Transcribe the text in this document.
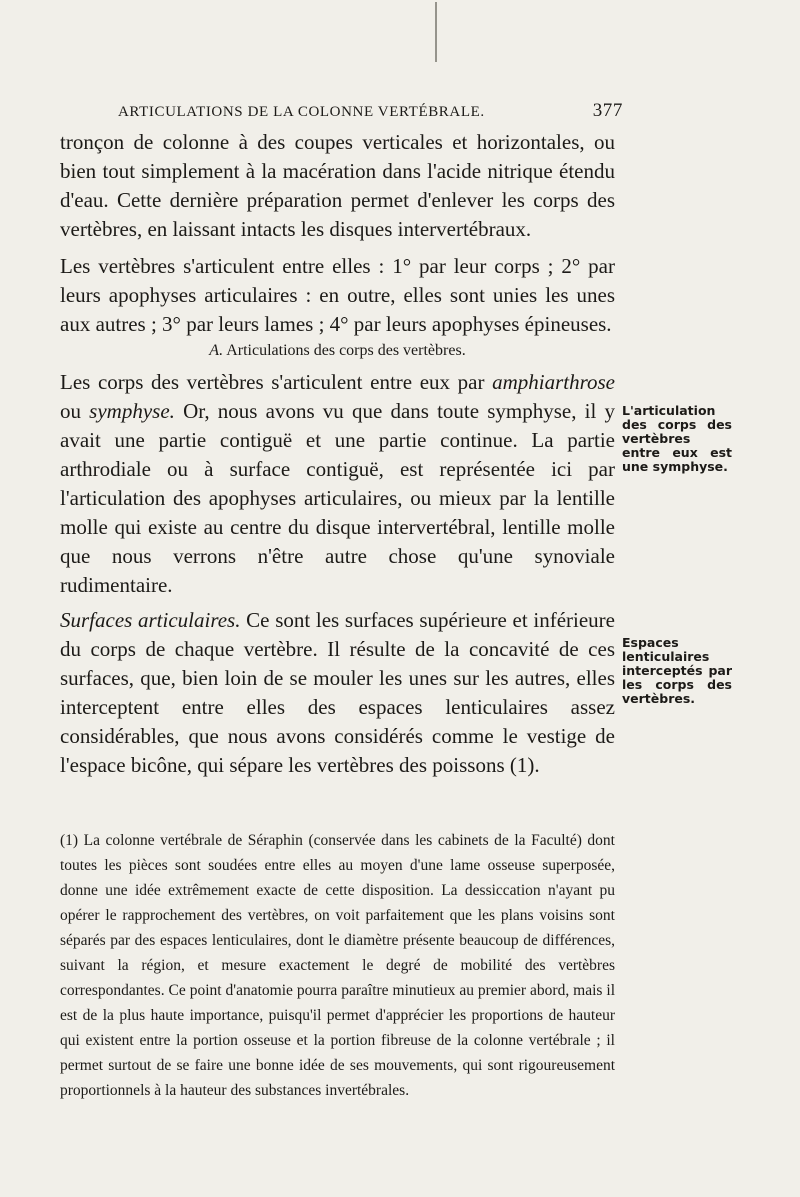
ARTICULATIONS DE LA COLONNE VERTÉBRALE.	377

tronçon de colonne à des coupes verticales et horizontales, ou bien tout simplement à la macération dans l'acide nitrique étendu d'eau. Cette dernière préparation permet d'enlever les corps des vertèbres, en laissant intacts les disques intervertébraux.

Les vertèbres s'articulent entre elles : 1° par leur corps ; 2° par leurs apophyses articulaires : en outre, elles sont unies les unes aux autres ; 3° par leurs lames ; 4° par leurs apophyses épineuses.

A. Articulations des corps des vertèbres.

Les corps des vertèbres s'articulent entre eux par amphiarthrose ou symphyse. Or, nous avons vu que dans toute symphyse, il y avait une partie contiguë et une partie continue. La partie arthrodiale ou à surface contiguë, est représentée ici par l'articulation des apophyses articulaires, ou mieux par la lentille molle qui existe au centre du disque intervertébral, lentille molle que nous verrons n'être autre chose qu'une synoviale rudimentaire.

Surfaces articulaires. Ce sont les surfaces supérieure et inférieure du corps de chaque vertèbre. Il résulte de la concavité de ces surfaces, que, bien loin de se mouler les unes sur les autres, elles interceptent entre elles des espaces lenticulaires assez considérables, que nous avons considérés comme le vestige de l'espace bicône, qui sépare les vertèbres des poissons (1).

(1) La colonne vertébrale de Séraphin (conservée dans les cabinets de la Faculté) dont toutes les pièces sont soudées entre elles au moyen d'une lame osseuse superposée, donne une idée extrêmement exacte de cette disposition. La dessiccation n'ayant pu opérer le rapprochement des vertèbres, on voit parfaitement que les plans voisins sont séparés par des espaces lenticulaires, dont le diamètre présente beaucoup de différences, suivant la région, et mesure exactement le degré de mobilité des vertèbres correspondantes. Ce point d'anatomie pourra paraître minutieux au premier abord, mais il est de la plus haute importance, puisqu'il permet d'apprécier les proportions de hauteur qui existent entre la portion osseuse et la portion fibreuse de la colonne vertébrale ; il permet surtout de se faire une bonne idée de ses mouvements, qui sont rigoureusement proportionnels à la hauteur des substances invertébrales.

L'articulation des corps des vertèbres entre eux est une symphyse.
Espaces lenticulaires interceptés par les corps des vertèbres.
